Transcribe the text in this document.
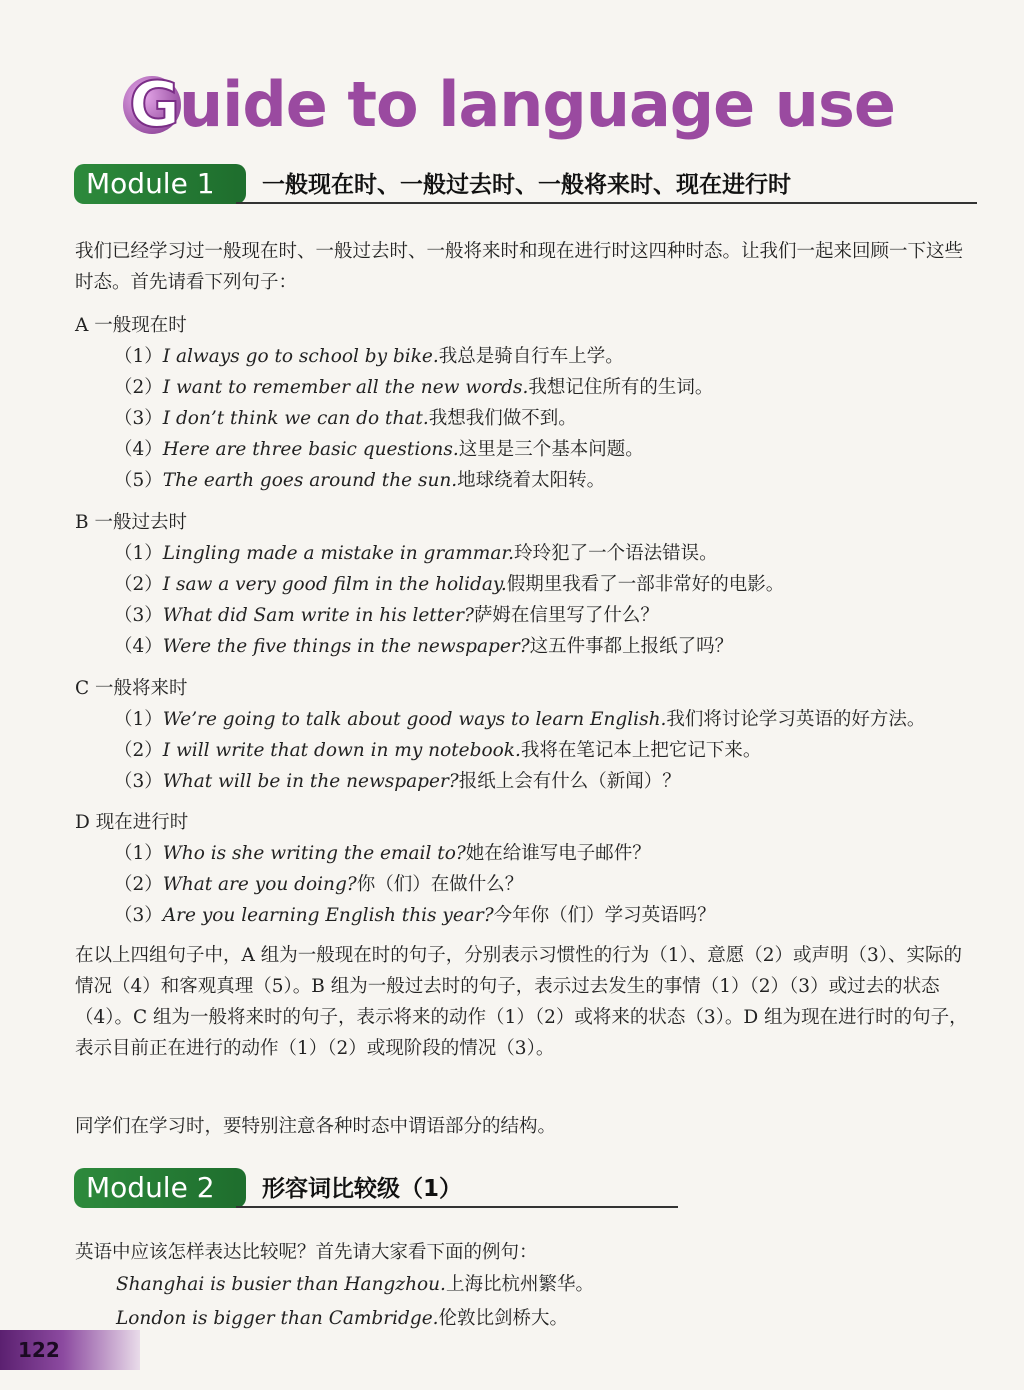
Guide to language use
Module 1	一般现在时、一般过去时、一般将来时、现在进行时
我们已经学习过一般现在时、一般过去时、一般将来时和现在进行时这四种时态。让我们一起来回顾一下这些时态。首先请看下列句子：
A 一般现在时
（1）I always go to school by bike.我总是骑自行车上学。
（2）I want to remember all the new words.我想记住所有的生词。
（3）I don’t think we can do that.我想我们做不到。
（4）Here are three basic questions.这里是三个基本问题。
（5）The earth goes around the sun.地球绕着太阳转。
B 一般过去时
（1）Lingling made a mistake in grammar.玲玲犯了一个语法错误。
（2）I saw a very good film in the holiday.假期里我看了一部非常好的电影。
（3）What did Sam write in his letter?萨姆在信里写了什么？
（4）Were the five things in the newspaper?这五件事都上报纸了吗？
C 一般将来时
（1）We’re going to talk about good ways to learn English.我们将讨论学习英语的好方法。
（2）I will write that down in my notebook.我将在笔记本上把它记下来。
（3）What will be in the newspaper?报纸上会有什么（新闻）？
D 现在进行时
（1）Who is she writing the email to?她在给谁写电子邮件？
（2）What are you doing?你（们）在做什么？
（3）Are you learning English this year?今年你（们）学习英语吗？
在以上四组句子中，A 组为一般现在时的句子，分别表示习惯性的行为（1）、意愿（2）或声明（3）、实际的情况（4）和客观真理（5）。B 组为一般过去时的句子，表示过去发生的事情（1）（2）（3）或过去的状态（4）。C 组为一般将来时的句子，表示将来的动作（1）（2）或将来的状态（3）。D 组为现在进行时的句子，表示目前正在进行的动作（1）（2）或现阶段的情况（3）。
同学们在学习时，要特别注意各种时态中谓语部分的结构。
Module 2	形容词比较级（1）
英语中应该怎样表达比较呢？首先请大家看下面的例句：
Shanghai is busier than Hangzhou.上海比杭州繁华。
London is bigger than Cambridge.伦敦比剑桥大。
122
